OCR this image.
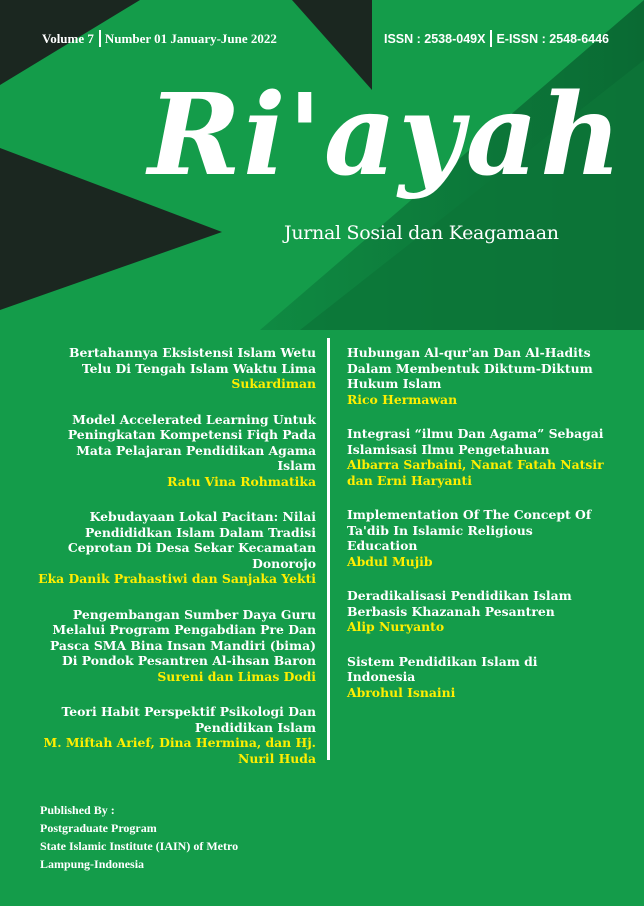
Volume 7 Number 01 January-June 2022	ISSN : 2538-049X E-ISSN : 2548-6446
Ri'ayah
Jurnal Sosial dan Keagamaan
Bertahannya Eksistensi Islam Wetu Telu Di Tengah Islam Waktu Lima
Sukardiman
Model Accelerated Learning Untuk Peningkatan Kompetensi Fiqh Pada Mata Pelajaran Pendidikan Agama Islam
Ratu Vina Rohmatika
Kebudayaan Lokal Pacitan: Nilai Pendididkan Islam Dalam Tradisi Ceprotan Di Desa Sekar Kecamatan Donorojo
Eka Danik Prahastiwi dan Sanjaka Yekti
Pengembangan Sumber Daya Guru Melalui Program Pengabdian Pre Dan Pasca SMA Bina Insan Mandiri (bima) Di Pondok Pesantren Al-ihsan Baron
Sureni dan Limas Dodi
Teori Habit Perspektif Psikologi Dan Pendidikan Islam
M. Miftah Arief, Dina Hermina, dan Hj. Nuril Huda
Hubungan Al-qur'an Dan Al-Hadits Dalam Membentuk Diktum-Diktum Hukum Islam
Rico Hermawan
Integrasi “ilmu Dan Agama” Sebagai Islamisasi Ilmu Pengetahuan
Albarra Sarbaini, Nanat Fatah Natsir dan Erni Haryanti
Implementation Of The Concept Of Ta'dib In Islamic Religious Education
Abdul Mujib
Deradikalisasi Pendidikan Islam Berbasis Khazanah Pesantren
Alip Nuryanto
Sistem Pendidikan Islam di Indonesia
Abrohul Isnaini
Published By :
Postgraduate Program
State Islamic Institute (IAIN) of Metro
Lampung-Indonesia
